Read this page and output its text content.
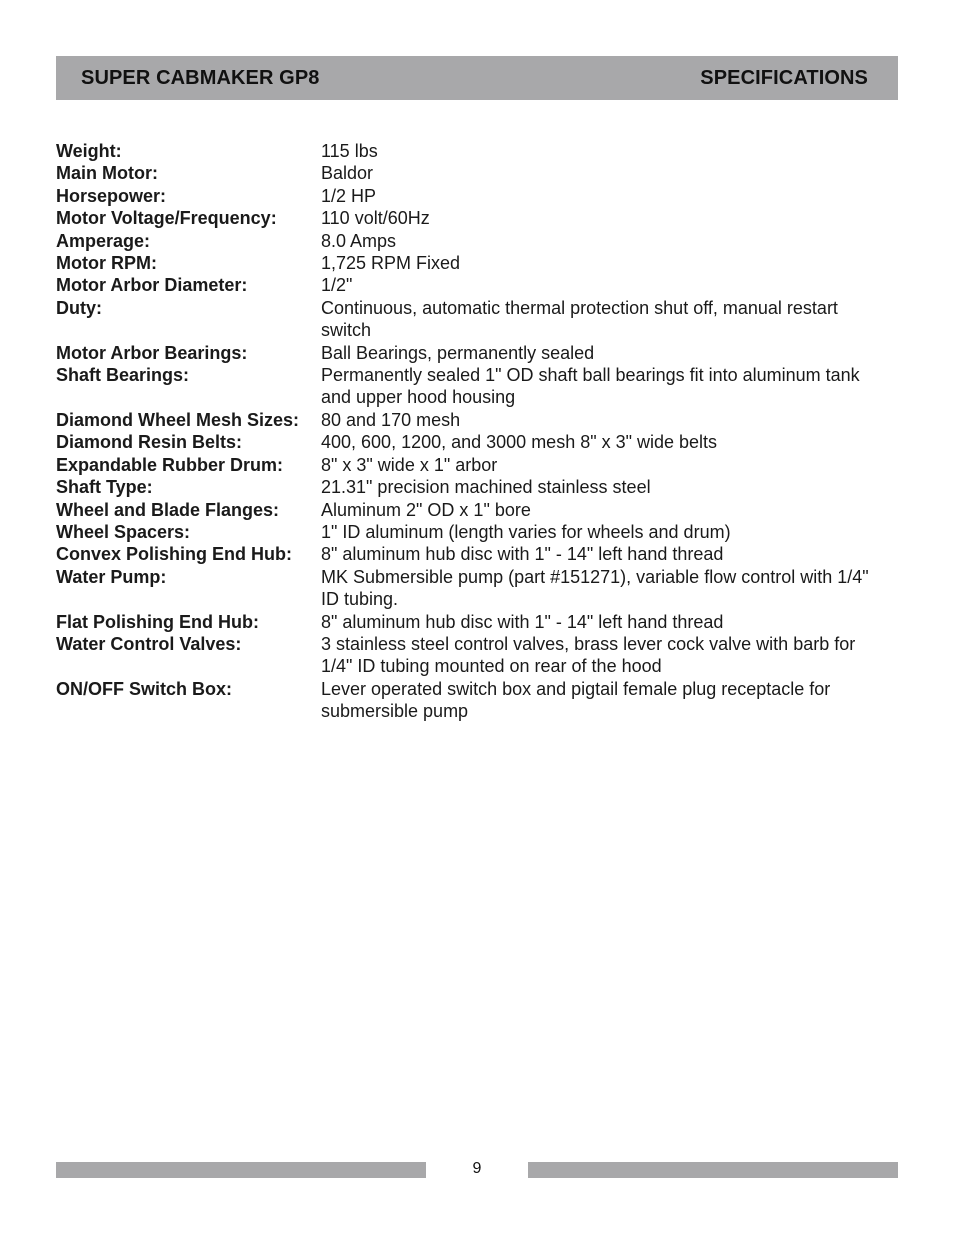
SUPER CABMAKER GP8	SPECIFICATIONS
Weight:	115 lbs
Main Motor:	Baldor
Horsepower:	1/2 HP
Motor Voltage/Frequency:	110 volt/60Hz
Amperage:	8.0 Amps
Motor RPM:	1,725 RPM Fixed
Motor Arbor Diameter:	1/2"
Duty:	Continuous, automatic thermal protection shut off, manual restart switch
Motor Arbor Bearings:	Ball Bearings, permanently sealed
Shaft Bearings:	Permanently sealed 1" OD shaft ball bearings fit into aluminum tank and upper hood housing
Diamond Wheel Mesh Sizes:	80 and 170 mesh
Diamond Resin Belts:	400, 600, 1200, and 3000 mesh 8" x 3" wide belts
Expandable Rubber Drum:	8" x 3" wide x 1" arbor
Shaft Type:	21.31" precision machined stainless steel
Wheel and Blade Flanges:	Aluminum 2" OD x 1" bore
Wheel Spacers:	1" ID aluminum (length varies for wheels and drum)
Convex Polishing End Hub:	8" aluminum hub disc with 1" - 14" left hand thread
Water Pump:	MK Submersible pump (part #151271), variable flow control with 1/4" ID tubing.
Flat Polishing End Hub:	8" aluminum hub disc with 1" - 14" left hand thread
Water Control Valves:	3 stainless steel control valves, brass lever cock valve with barb for 1/4" ID tubing mounted on rear of the hood
ON/OFF Switch Box:	Lever operated switch box and pigtail female plug receptacle for submersible pump
9
